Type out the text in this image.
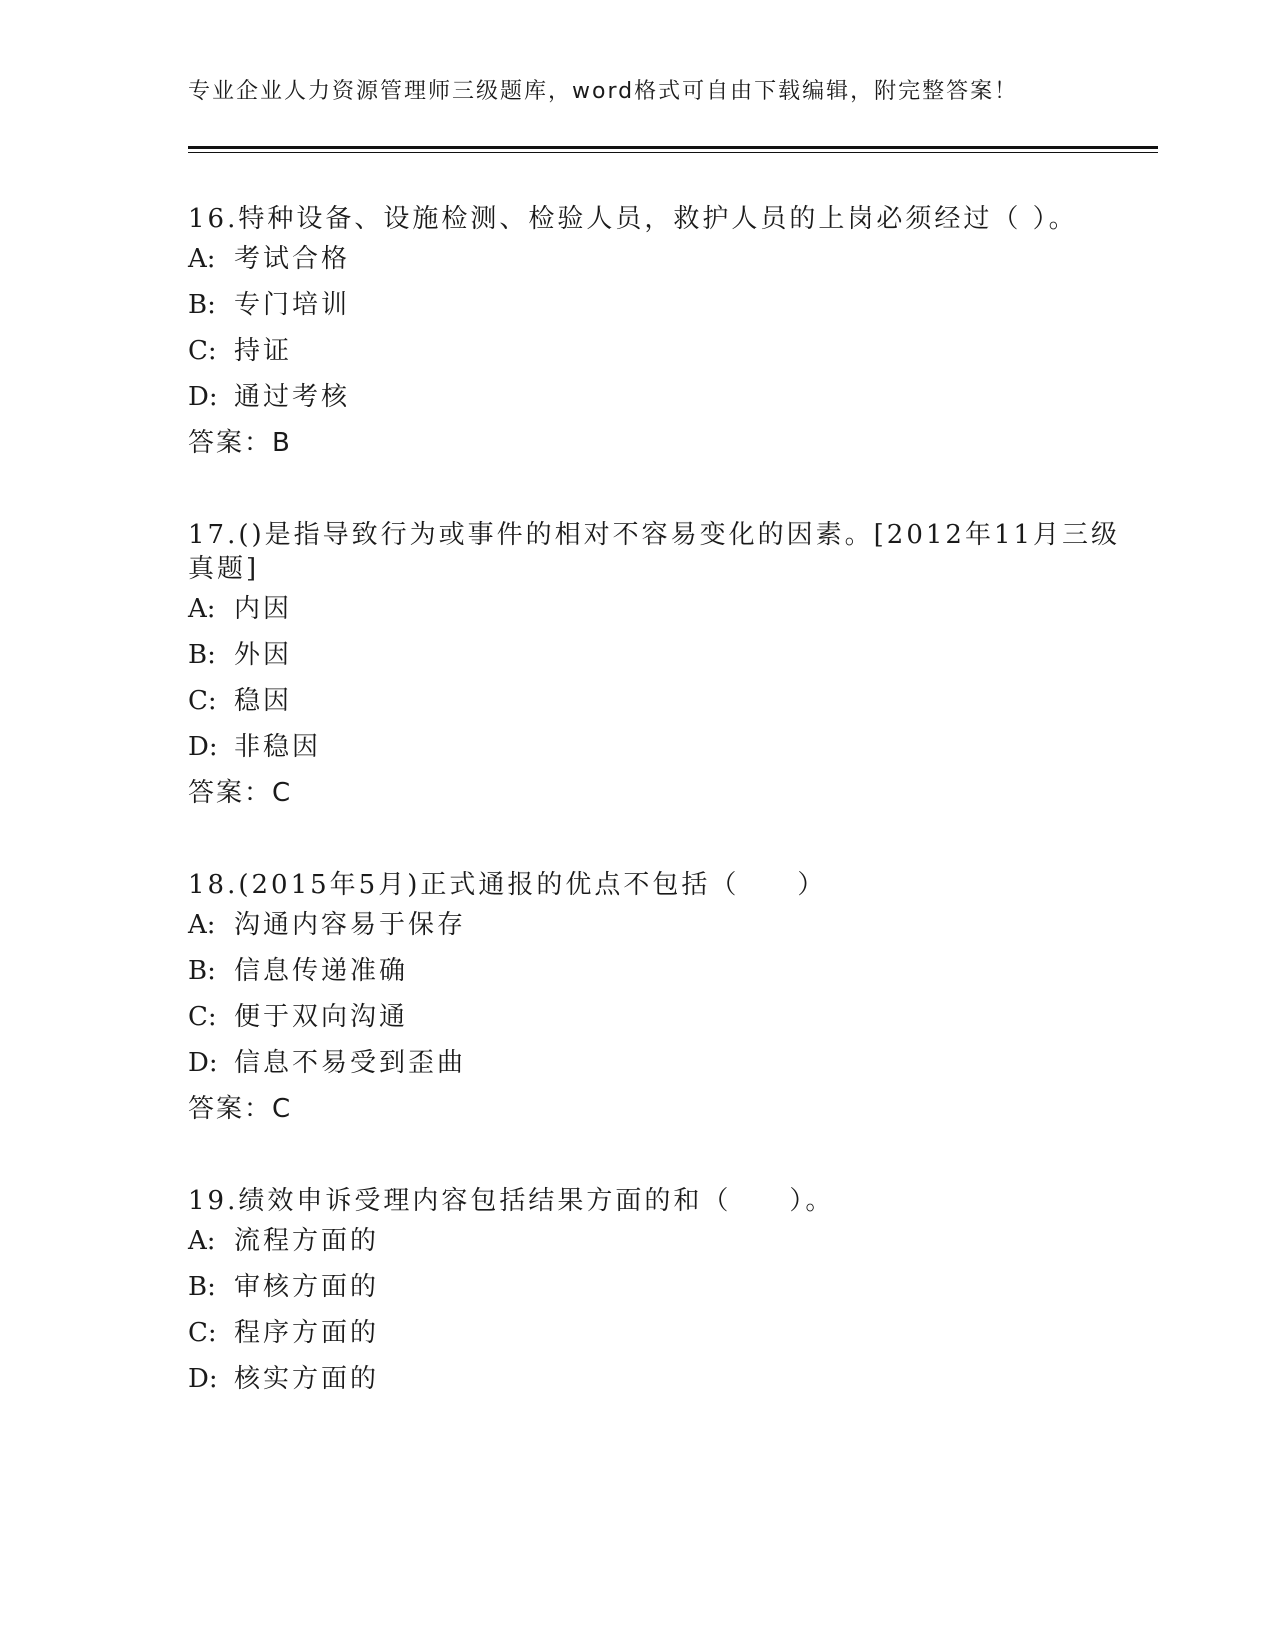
专业企业人力资源管理师三级题库，word格式可自由下载编辑，附完整答案！

16.特种设备、设施检测、检验人员，救护人员的上岗必须经过（ ）。

A: 考试合格
B: 专门培训
C: 持证
D: 通过考核
答案：B

17.()是指导致行为或事件的相对不容易变化的因素。[2012年11月三级真题]

A: 内因
B: 外因
C: 稳因
D: 非稳因
答案：C

18.(2015年5月)正式通报的优点不包括（　　）

A: 沟通内容易于保存
B: 信息传递准确
C: 便于双向沟通
D: 信息不易受到歪曲
答案：C

19.绩效申诉受理内容包括结果方面的和（　　）。

A: 流程方面的
B: 审核方面的
C: 程序方面的
D: 核实方面的
